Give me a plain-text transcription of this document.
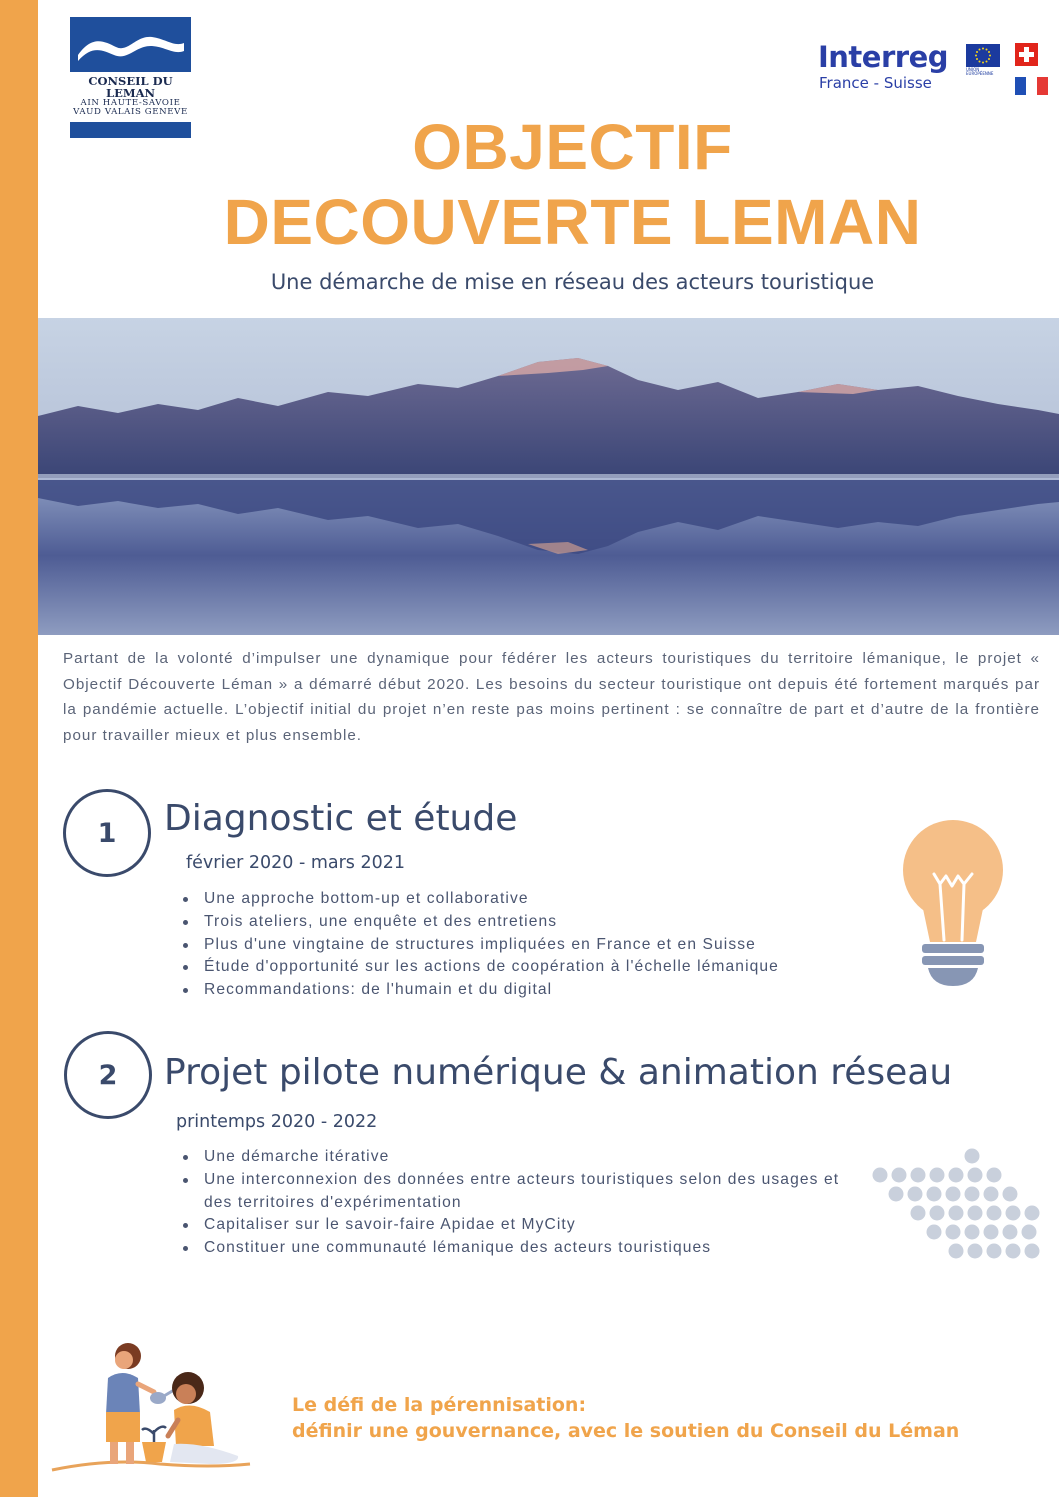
CONSEIL DU LEMAN
AIN HAUTE-SAVOIE
VAUD VALAIS GENEVE
Interreg
France - Suisse
UNION EUROPÉENNE
OBJECTIF
DECOUVERTE LEMAN
Une démarche de mise en réseau des acteurs touristique

Partant de la volonté d’impulser une dynamique pour fédérer les acteurs touristiques du territoire lémanique, le projet « Objectif Découverte Léman » a démarré début 2020. Les besoins du secteur touristique ont depuis été fortement marqués par la pandémie actuelle. L’objectif initial du projet n’en reste pas moins pertinent : se connaître de part et d’autre de la frontière pour travailler mieux et plus ensemble.

1	Diagnostic et étude
février 2020 - mars 2021
Une approche bottom-up et collaborative
Trois ateliers, une enquête et des entretiens
Plus d'une vingtaine de structures impliquées en France et en Suisse
Étude d'opportunité sur les actions de coopération à l'échelle lémanique
Recommandations: de l'humain et du digital
2	Projet pilote numérique & animation réseau
printemps 2020 - 2022
Une démarche itérative
Une interconnexion des données entre acteurs touristiques selon des usages et des territoires d'expérimentation
Capitaliser sur le savoir-faire Apidae et MyCity
Constituer une communauté lémanique des acteurs touristiques
Le défi de la pérennisation:
définir une gouvernance, avec le soutien du Conseil du Léman
